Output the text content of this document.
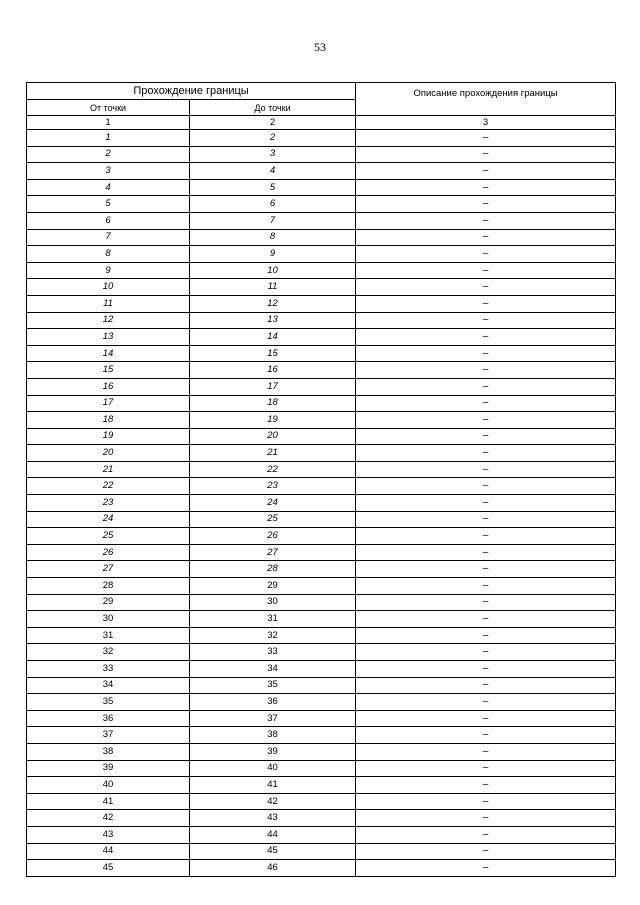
53
Прохождение границы		Описание прохождения границы
От точки	До точки	
1	2	3
1	2	–
2	3	–
3	4	–
4	5	–
5	6	–
6	7	–
7	8	–
8	9	–
9	10	–
10	11	–
11	12	–
12	13	–
13	14	–
14	15	–
15	16	–
16	17	–
17	18	–
18	19	–
19	20	–
20	21	–
21	22	–
22	23	–
23	24	–
24	25	–
25	26	–
26	27	–
27	28	–
28	29	–
29	30	–
30	31	–
31	32	–
32	33	–
33	34	–
34	35	–
35	36	–
36	37	–
37	38	–
38	39	–
39	40	–
40	41	–
41	42	–
42	43	–
43	44	–
44	45	–
45	46	–
